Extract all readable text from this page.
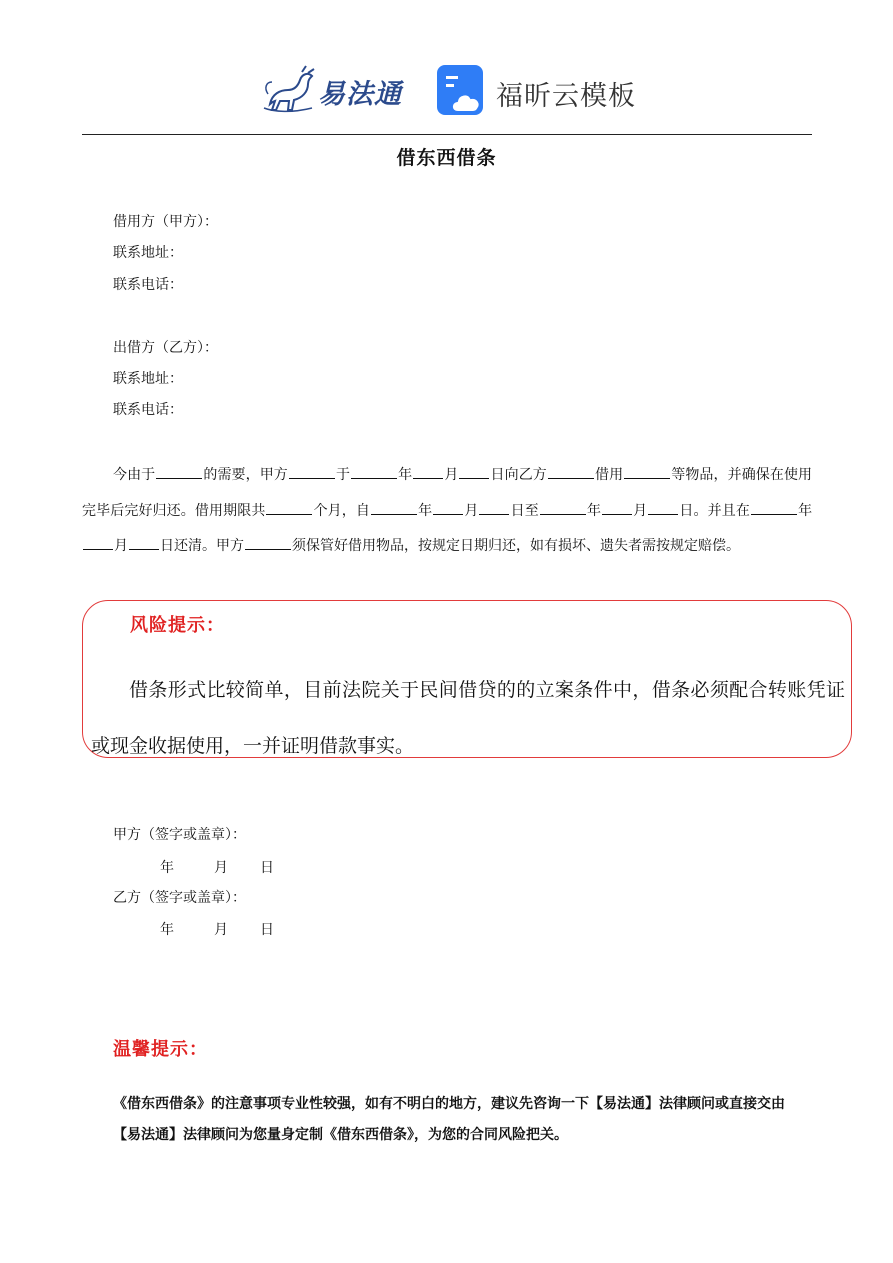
易法通	福昕云模板
借东西借条
借用方（甲方）：
联系地址：
联系电话：
出借方（乙方）：
联系地址：
联系电话：
今由于	的需要，甲方	于	年 月 日向乙方	借用	等物品，并确保在使用完毕后完好归还。借用期限共	个月，自	年 月 日至	年 月 日。并且在	年月 日还清。甲方	须保管好借用物品，按规定日期归还，如有损坏、遗失者需按规定赔偿。
风险提示：
借条形式比较简单，目前法院关于民间借贷的的立案条件中，借条必须配合转账凭证或现金收据使用，一并证明借款事实。
甲方（签字或盖章）：
年	月 日
乙方（签字或盖章）：
年	月 日
温馨提示：
《借东西借条》的注意事项专业性较强，如有不明白的地方，建议先咨询一下【易法通】法律顾问或直接交由【易法通】法律顾问为您量身定制《借东西借条》，为您的合同风险把关。
